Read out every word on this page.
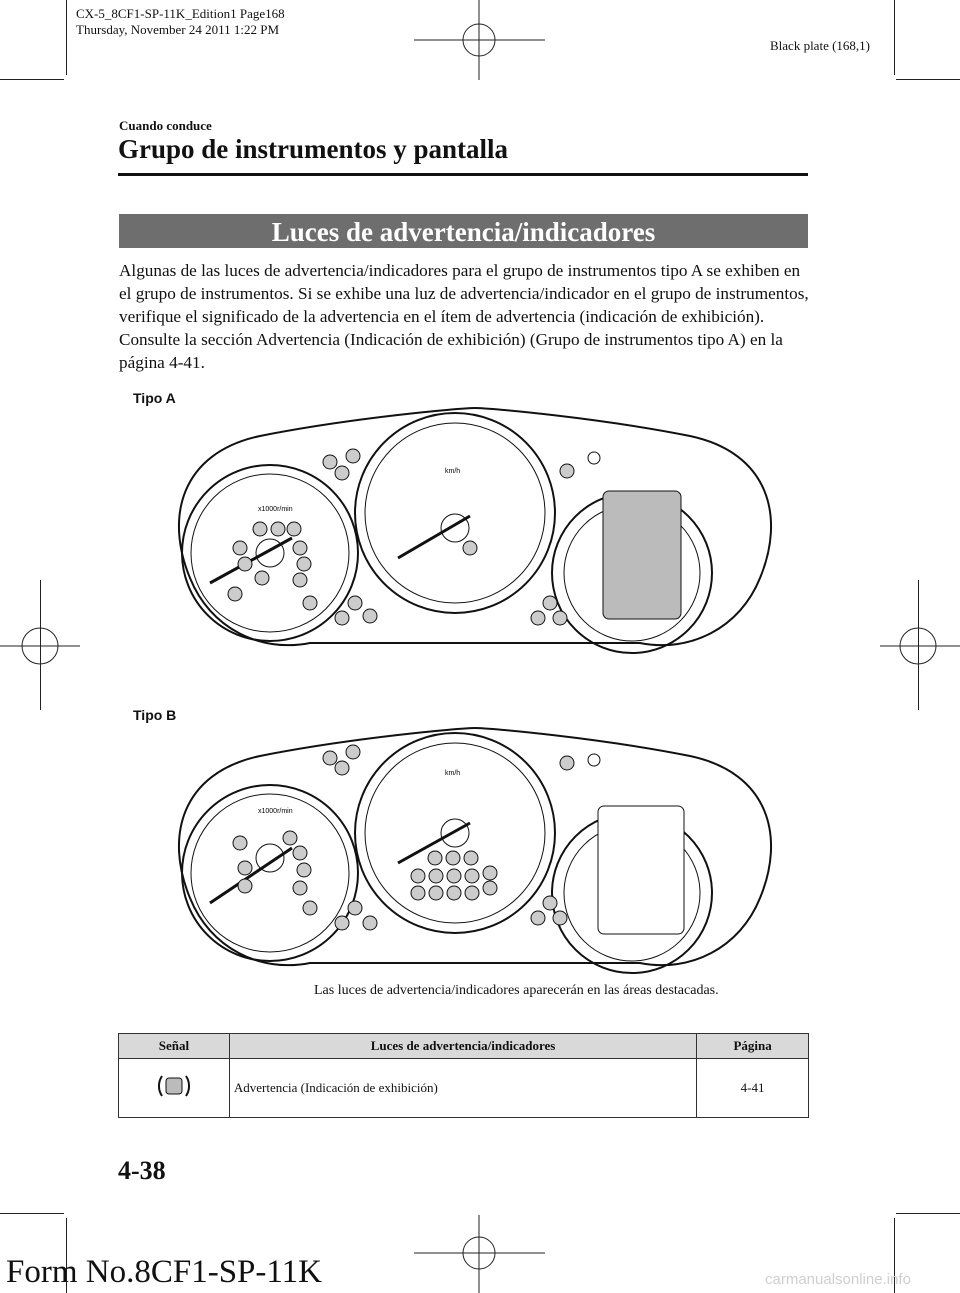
CX-5_8CF1-SP-11K_Edition1 Page168
Thursday, November 24 2011 1:22 PM
Black plate (168,1)
Cuando conduce
Grupo de instrumentos y pantalla
Luces de advertencia/indicadores
Algunas de las luces de advertencia/indicadores para el grupo de instrumentos tipo A se exhiben en el grupo de instrumentos. Si se exhibe una luz de advertencia/indicador en el grupo de instrumentos, verifique el significado de la advertencia en el ítem de advertencia (indicación de exhibición). Consulte la sección Advertencia (Indicación de exhibición) (Grupo de instrumentos tipo A) en la página 4-41.
Tipo A
Tipo B
x1000r/min
km/h
x1000r/min
km/h
Las luces de advertencia/indicadores aparecerán en las áreas destacadas.
Señal	Luces de advertencia/indicadores	Página
	Advertencia (Indicación de exhibición)	4-41
4-38
Form No.8CF1-SP-11K	carmanualsonline.info
